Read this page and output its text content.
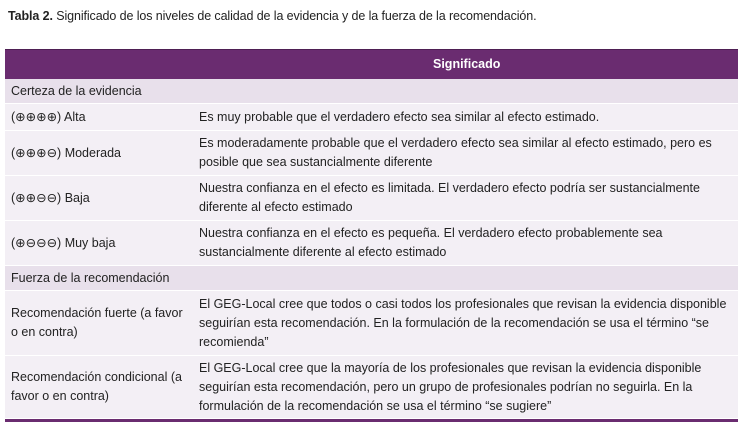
Tabla 2. Significado de los niveles de calidad de la evidencia y de la fuerza de la recomendación.
Significado
Certeza de la evidencia
(⊕⊕⊕⊕) Alta	Es muy probable que el verdadero efecto sea similar al efecto estimado.
(⊕⊕⊕⊖) Moderada
Es moderadamente probable que el verdadero efecto sea similar al efecto estimado, pero es posible que sea sustancialmente diferente
(⊕⊕⊖⊖) Baja
Nuestra confianza en el efecto es limitada. El verdadero efecto podría ser sustancialmente diferente al efecto estimado
(⊕⊖⊖⊖) Muy baja
Nuestra confianza en el efecto es pequeña. El verdadero efecto probablemente sea sustancialmente diferente al efecto estimado
Fuerza de la recomendación
Recomendación fuerte (a favor o en contra)
El GEG-Local cree que todos o casi todos los profesionales que revisan la evidencia disponible seguirían esta recomendación. En la formulación de la recomendación se usa el término “se recomienda”
Recomendación condicional (a favor o en contra)
El GEG-Local cree que la mayoría de los profesionales que revisan la evidencia disponible seguirían esta recomendación, pero un grupo de profesionales podrían no seguirla. En la formulación de la recomendación se usa el término “se sugiere”
